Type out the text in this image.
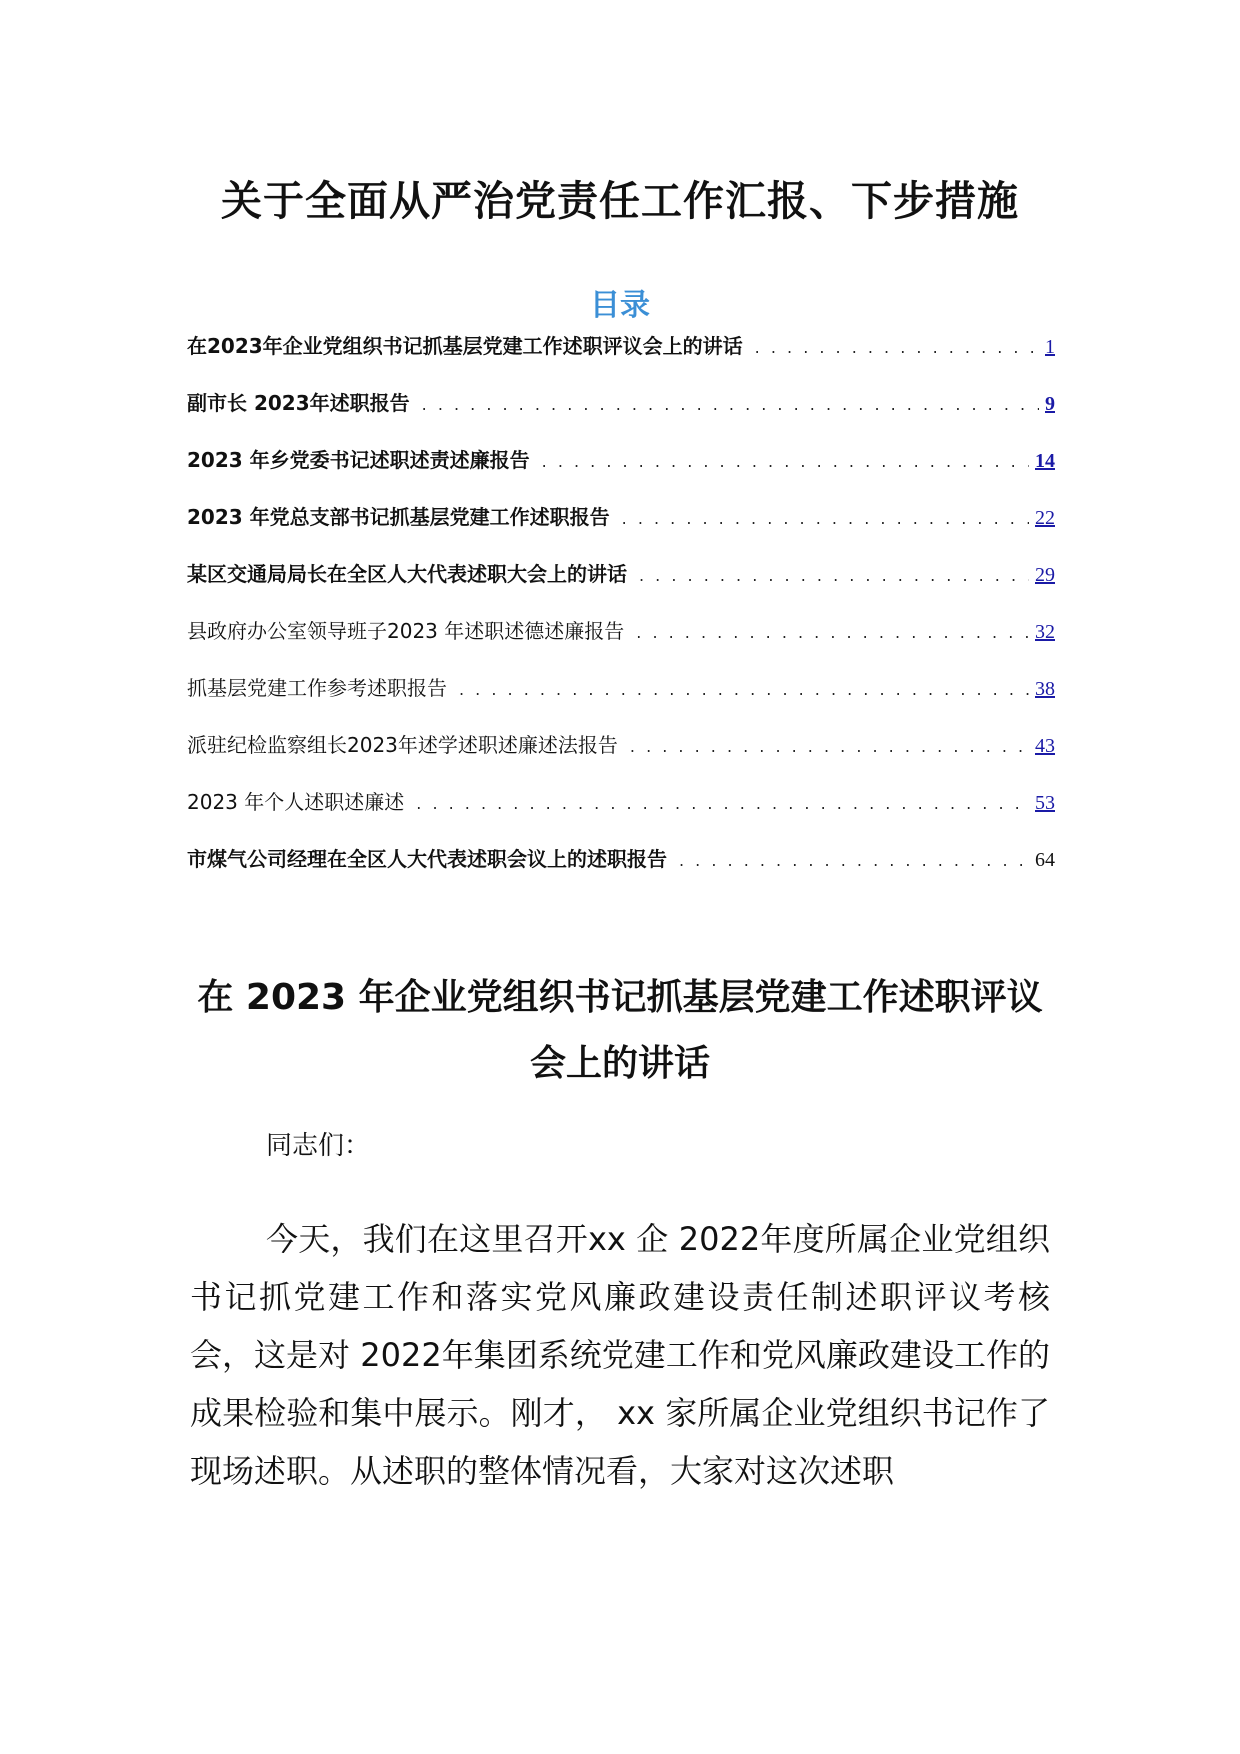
关于全面从严治党责任工作汇报、下步措施
目录
在2023年企业党组织书记抓基层党建工作述职评议会上的讲话 . . .	1
副市长 2023年述职报告 . . .	9
2023 年乡党委书记述职述责述廉报告 . . .	14
2023 年党总支部书记抓基层党建工作述职报告 . . .	22
某区交通局局长在全区人大代表述职大会上的讲话 . . .	29
县政府办公室领导班子2023 年述职述德述廉报告 . . .	32
抓基层党建工作参考述职报告 . . .	38
派驻纪检监察组长2023年述学述职述廉述法报告 . . .	43
2023 年个人述职述廉述 . . .	53
市煤气公司经理在全区人大代表述职会议上的述职报告 . . .	64
在 2023 年企业党组织书记抓基层党建工作述职评议会上的讲话

同志们：

今天，我们在这里召开xx 企 2022年度所属企业党组织书记抓党建工作和落实党风廉政建设责任制述职评议考核会，这是对 2022年集团系统党建工作和党风廉政建设工作的成果检验和集中展示。刚才， xx 家所属企业党组织书记作了现场述职。从述职的整体情况看，大家对这次述职
